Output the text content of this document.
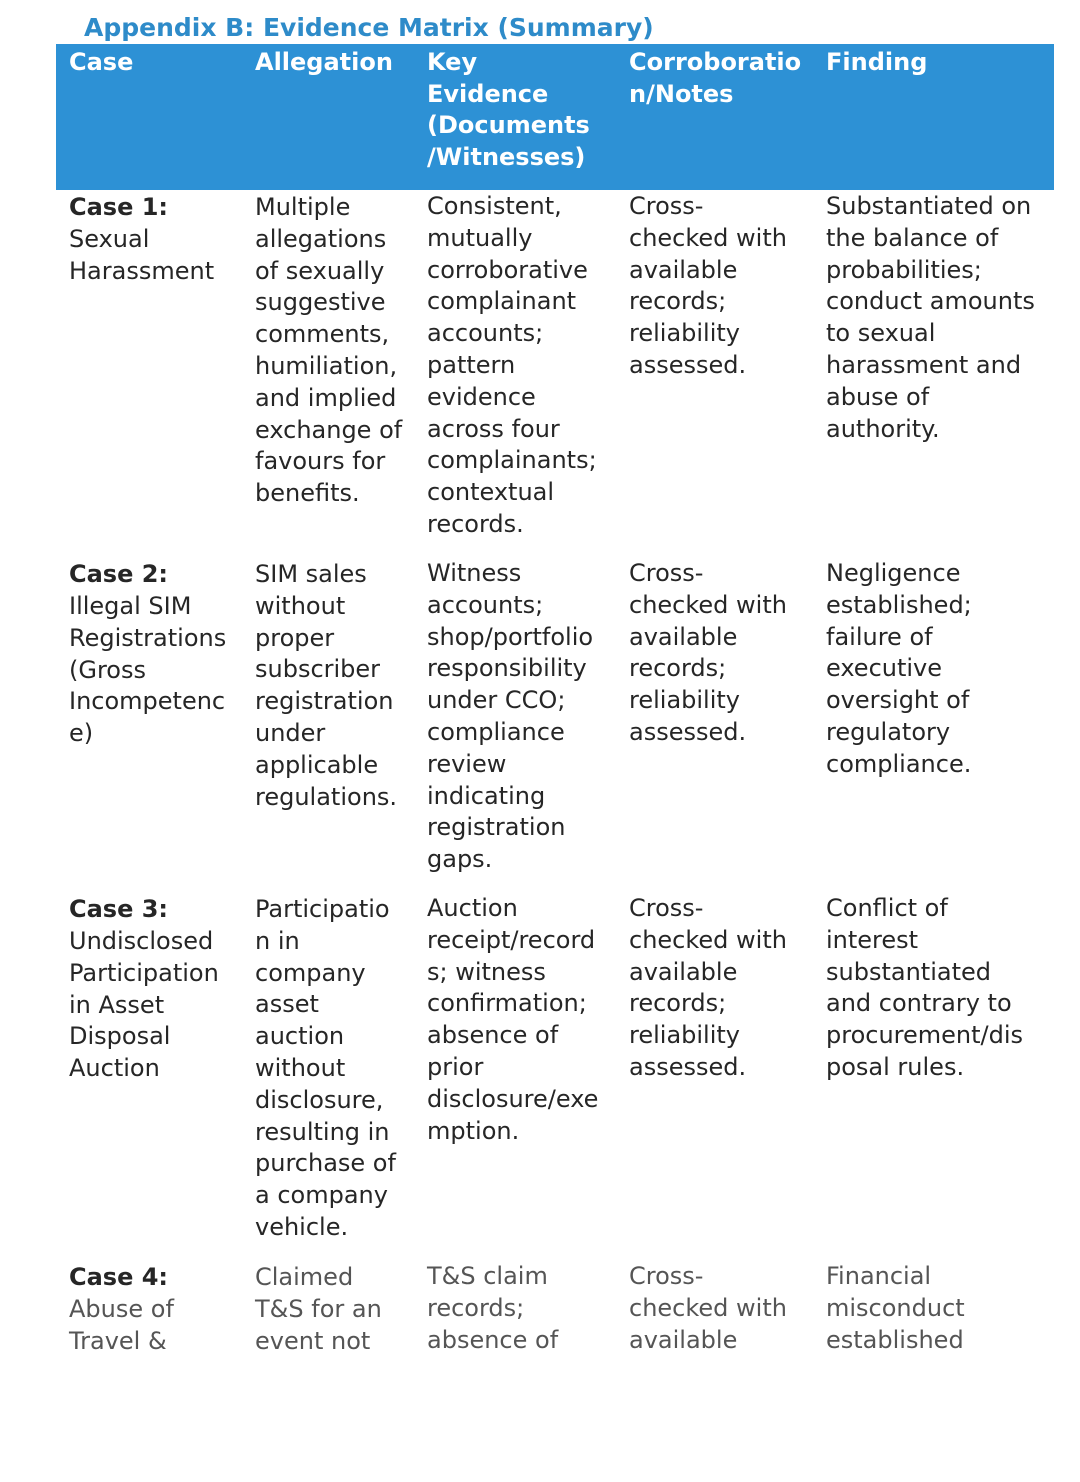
Appendix B: Evidence Matrix (Summary)
Case	Allegation Key
Evidence
(Documents
/Witnesses)
Corroboratio
n/Notes
Finding
Case 1:
Sexual
Harassment
Multiple
allegations
of sexually
suggestive
comments,
humiliation,
and implied
exchange of
favours for
benefits.
Consistent,
mutually
corroborative
complainant
accounts;
pattern
evidence
across four
complainants;
contextual
records.
Cross-
checked with
available
records;
reliability
assessed.
Substantiated on
the balance of
probabilities;
conduct amounts
to sexual
harassment and
abuse of
authority.
Case 2:
Illegal SIM
Registrations
(Gross
Incompetenc
e)
SIM sales
without
proper
subscriber
registration
under
applicable
regulations.
Witness
accounts;
shop/portfolio
responsibility
under CCO;
compliance
review
indicating
registration
gaps.
Cross-
checked with
available
records;
reliability
assessed.
Negligence
established;
failure of
executive
oversight of
regulatory
compliance.
Case 3:
Undisclosed
Participation
in Asset
Disposal
Auction
Participatio
n in
company
asset
auction
without
disclosure,
resulting in
purchase of
a company
vehicle.
Auction
receipt/record
s; witness
confirmation;
absence of
prior
disclosure/exe
mption.
Cross-
checked with
available
records;
reliability
assessed.
Conflict of
interest
substantiated
and contrary to
procurement/dis
posal rules.
Case 4:
Abuse of
Travel &
Claimed
T&S for an
event not
T&S claim
records;
absence of
Cross-
checked with
available
Financial
misconduct
established
